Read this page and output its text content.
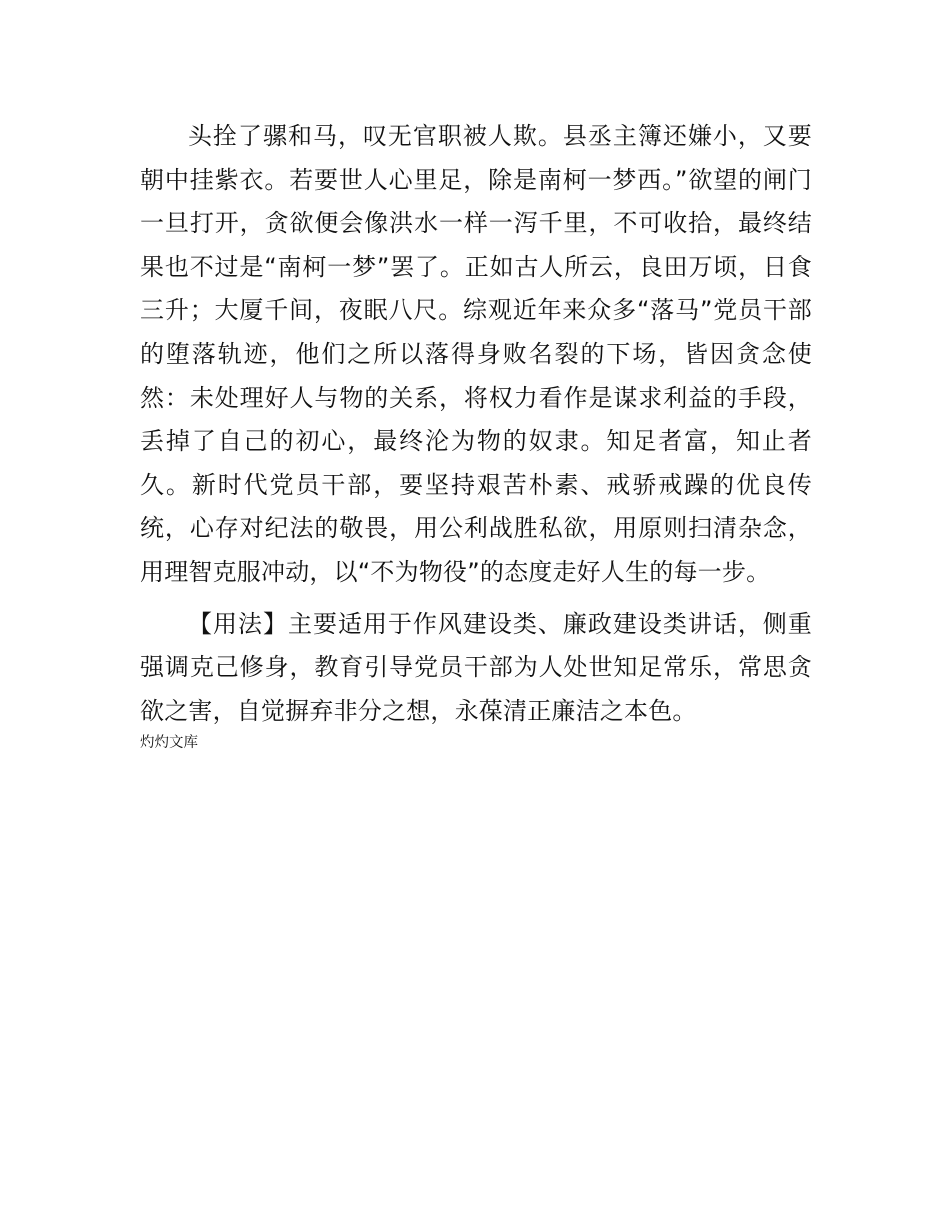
头拴了骡和马，叹无官职被人欺。县丞主簿还嫌小，又要朝中挂紫衣。若要世人心里足，除是南柯一梦西。”欲望的闸门一旦打开，贪欲便会像洪水一样一泻千里，不可收拾，最终结果也不过是“南柯一梦”罢了。正如古人所云，良田万顷，日食三升；大厦千间，夜眠八尺。综观近年来众多“落马”党员干部的堕落轨迹，他们之所以落得身败名裂的下场，皆因贪念使然：未处理好人与物的关系，将权力看作是谋求利益的手段，丢掉了自己的初心，最终沦为物的奴隶。知足者富，知止者久。新时代党员干部，要坚持艰苦朴素、戒骄戒躁的优良传统，心存对纪法的敬畏，用公利战胜私欲，用原则扫清杂念，用理智克服冲动，以“不为物役”的态度走好人生的每一步。

【用法】主要适用于作风建设类、廉政建设类讲话，侧重强调克己修身，教育引导党员干部为人处世知足常乐，常思贪欲之害，自觉摒弃非分之想，永葆清正廉洁之本色。

灼灼文库
